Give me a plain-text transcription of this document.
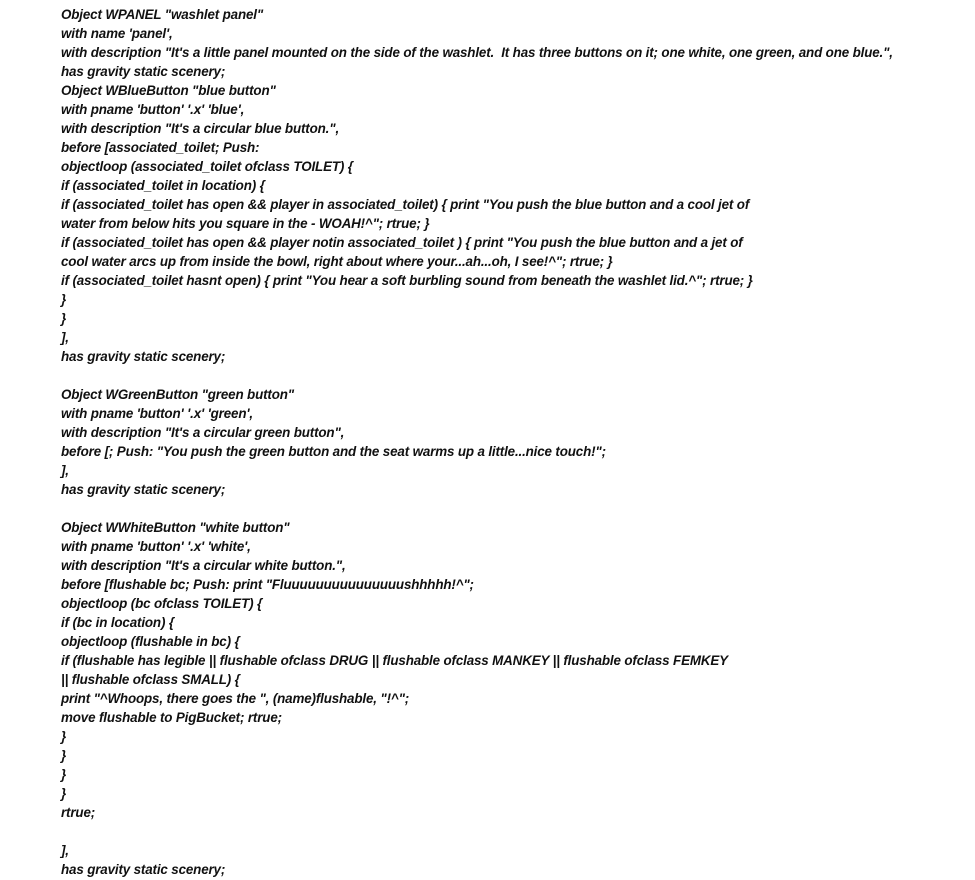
Object WPANEL "washlet panel"
with name 'panel',
with description "It's a little panel mounted on the side of the washlet.  It has three buttons on it; one white, one green, and one blue.",
has gravity static scenery;
Object WBlueButton "blue button"
with pname 'button' '.x' 'blue',
with description "It's a circular blue button.",
before [associated_toilet; Push:
objectloop (associated_toilet ofclass TOILET) {
if (associated_toilet in location) {
if (associated_toilet has open && player in associated_toilet) { print "You push the blue button and a cool jet of
water from below hits you square in the - WOAH!^"; rtrue; }
if (associated_toilet has open && player notin associated_toilet ) { print "You push the blue button and a jet of
cool water arcs up from inside the bowl, right about where your...ah...oh, I see!^"; rtrue; }
if (associated_toilet hasnt open) { print "You hear a soft burbling sound from beneath the washlet lid.^"; rtrue; }
}
}
],
has gravity static scenery;
Object WGreenButton "green button"
with pname 'button' '.x' 'green',
with description "It's a circular green button",
before [; Push: "You push the green button and the seat warms up a little...nice touch!";
],
has gravity static scenery;
Object WWhiteButton "white button"
with pname 'button' '.x' 'white',
with description "It's a circular white button.",
before [flushable bc; Push: print "Fluuuuuuuuuuuuuuushhhhh!^";
objectloop (bc ofclass TOILET) {
if (bc in location) {
objectloop (flushable in bc) {
if (flushable has legible || flushable ofclass DRUG || flushable ofclass MANKEY || flushable ofclass FEMKEY
|| flushable ofclass SMALL) {
print "^Whoops, there goes the ", (name)flushable, "!^";
move flushable to PigBucket; rtrue;
}
}
}
}
rtrue;
],
has gravity static scenery;
